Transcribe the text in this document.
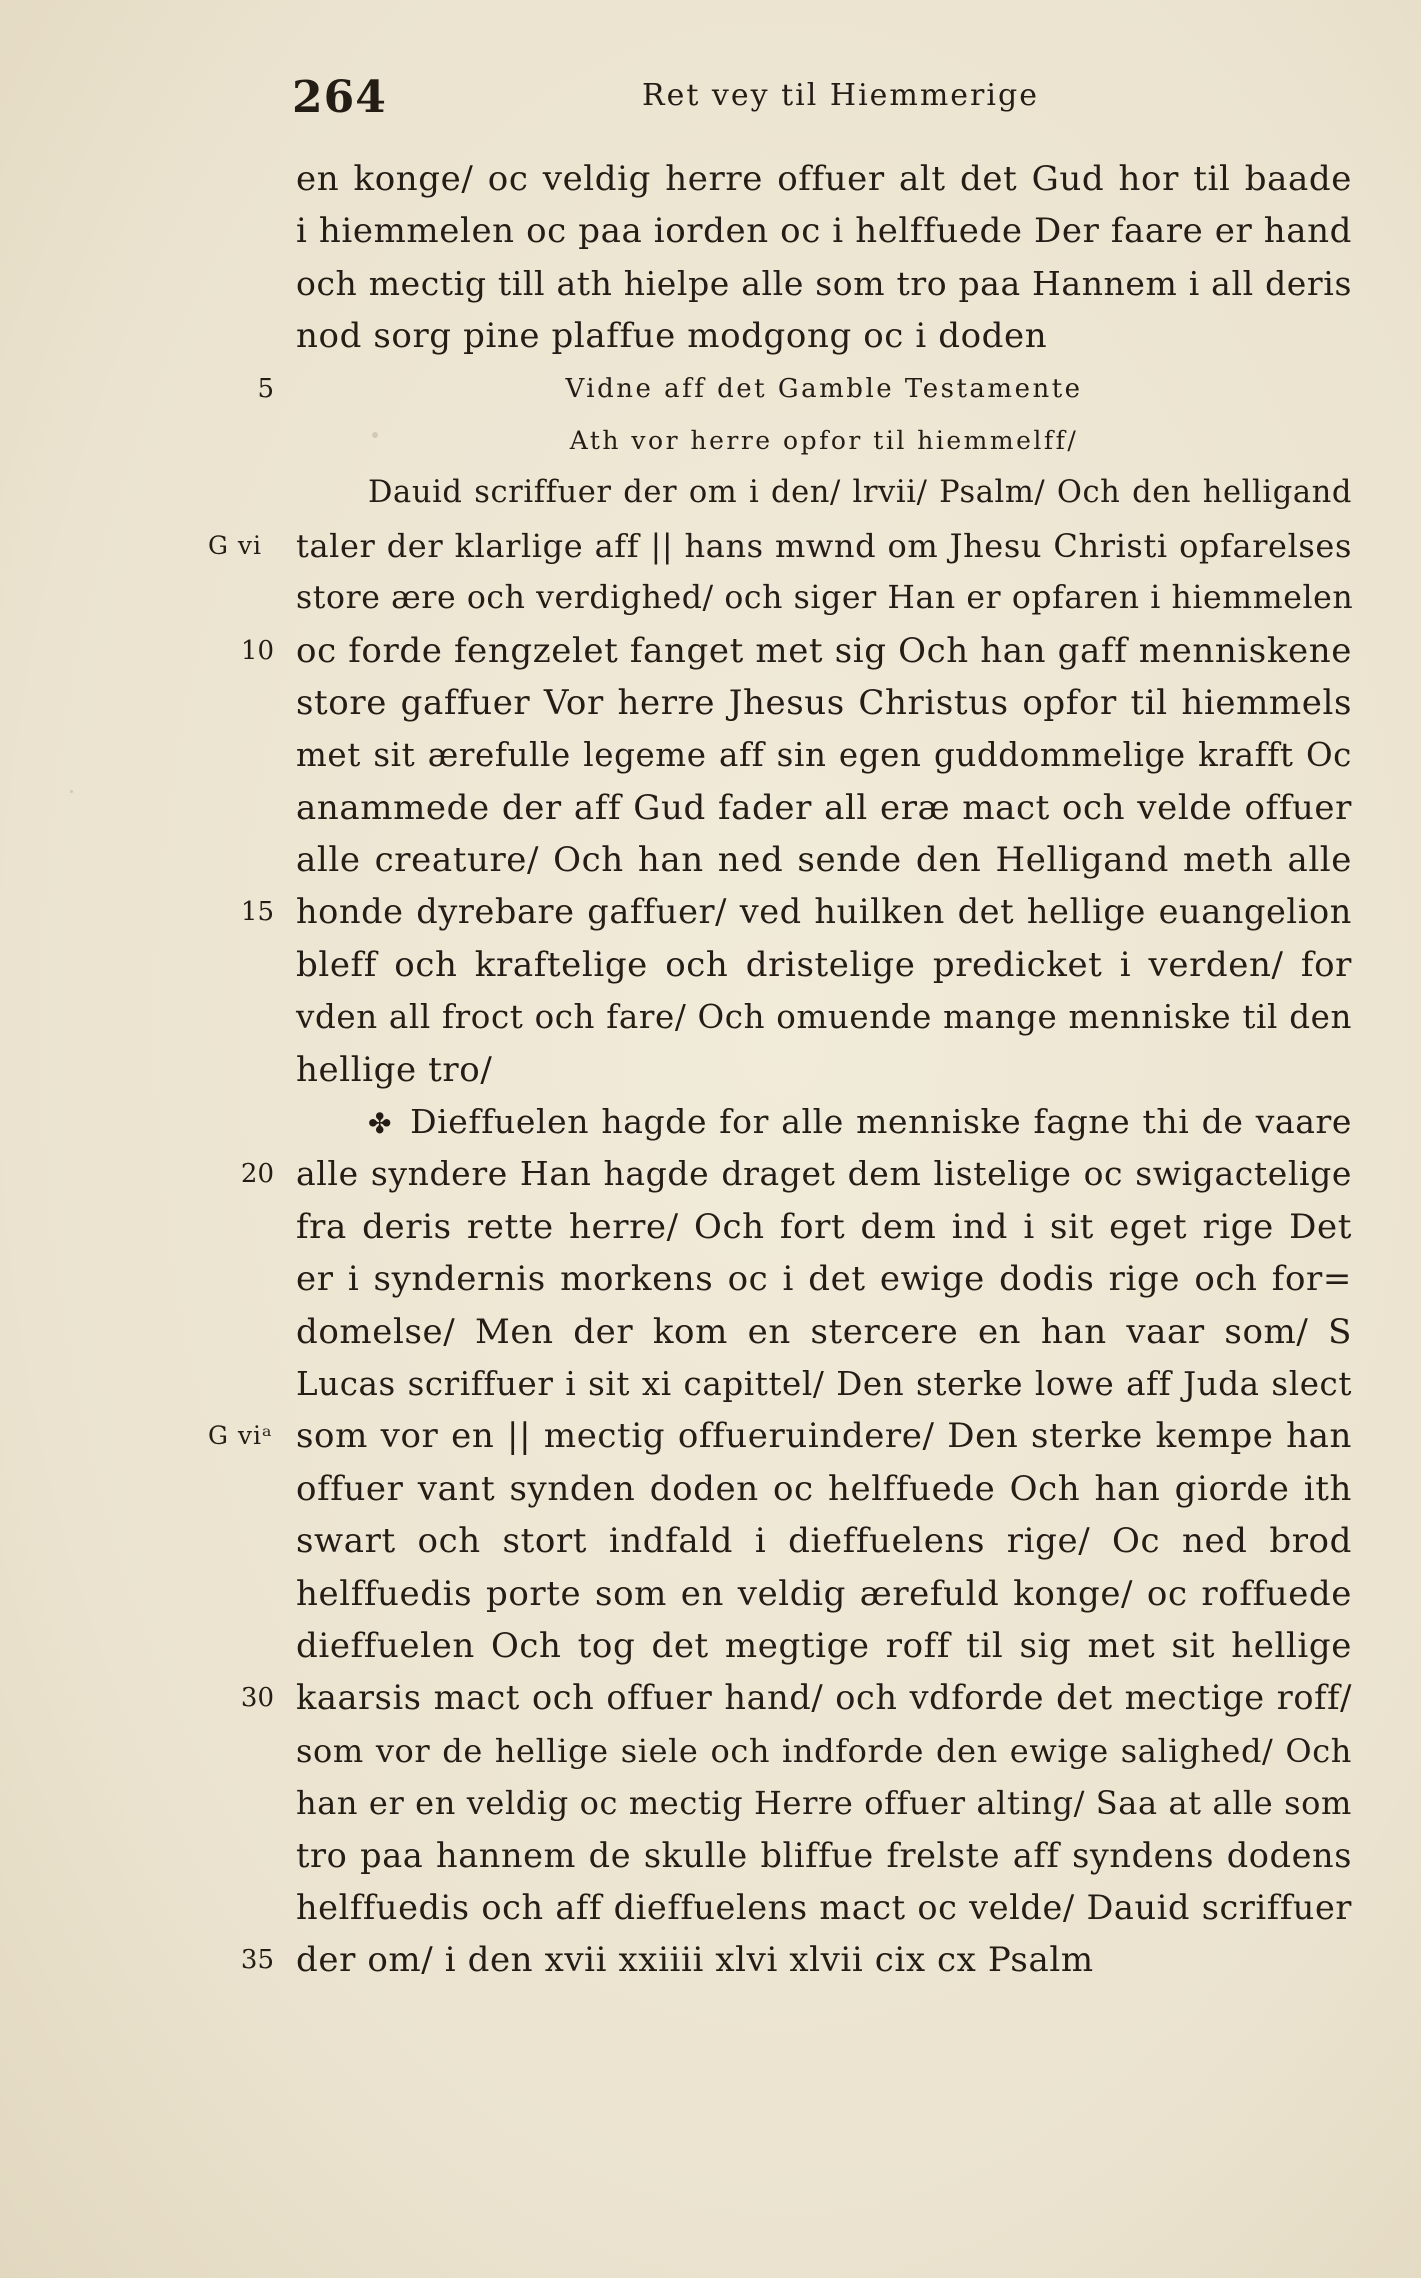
264	Ret vey til Hiemmerige
en konge/ oc veldig herre offuer alt det Gud hor til baade
i hiemmelen oc paa iorden oc i helffuede Der faare er hand
och mectig till ath hielpe alle som tro paa Hannem i all deris
nod sorg pine plaffue modgong oc i doden
5	Vidne aff det Gamble Testamente
Ath vor herre opfor til hiemmelff/
Dauid scriffuer der om i den/ lrvii/ Psalm/ Och den helligand
G vi	taler der klarlige aff || hans mwnd om Jhesu Christi opfarelses
store ære och verdighed/ och siger Han er opfaren i hiemmelen
10 oc forde fengzelet fanget met sig Och han gaff menniskene
store gaffuer Vor herre Jhesus Christus opfor til hiemmels
met sit ærefulle legeme aff sin egen guddommelige krafft Oc
anammede der aff Gud fader all eræ mact och velde offuer
alle creature/ Och han ned sende den Helligand meth alle
15 honde dyrebare gaffuer/ ved huilken det hellige euangelion
bleff och kraftelige och dristelige predicket i verden/ for
vden all froct och fare/ Och omuende mange menniske til den
hellige tro/
✤ Dieffuelen hagde for alle menniske fagne thi de vaare
20 alle syndere Han hagde draget dem listelige oc swigactelige
fra deris rette herre/ Och fort dem ind i sit eget rige Det
er i syndernis morkens oc i det ewige dodis rige och for=
domelse/ Men der kom en stercere en han vaar som/ S
Lucas scriffuer i sit xi capittel/ Den sterke lowe aff Juda slect
G viᵃ som vor en || mectig offueruindere/ Den sterke kempe han
offuer vant synden doden oc helffuede Och han giorde ith
swart och stort indfald i dieffuelens rige/ Oc ned brod
helffuedis porte som en veldig ærefuld konge/ oc roffuede
dieffuelen Och tog det megtige roff til sig met sit hellige
30 kaarsis mact och offuer hand/ och vdforde det mectige roff/
som vor de hellige siele och indforde den ewige salighed/ Och
han er en veldig oc mectig Herre offuer alting/ Saa at alle som
tro paa hannem de skulle bliffue frelste aff syndens dodens
helffuedis och aff dieffuelens mact oc velde/ Dauid scriffuer
35 der om/ i den xvii xxiiii xlvi xlvii cix cx Psalm
